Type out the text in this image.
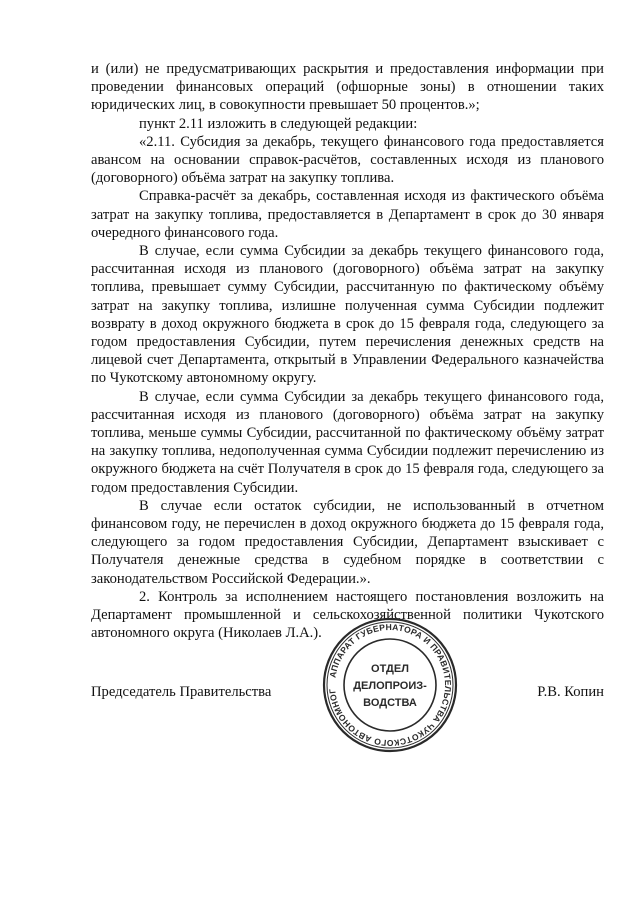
и (или) не предусматривающих раскрытия и предоставления информации при проведении финансовых операций (офшорные зоны) в отношении таких юридических лиц, в совокупности превышает 50 процентов.»;

пункт 2.11 изложить в следующей редакции:

«2.11. Субсидия за декабрь, текущего финансового года предоставляется авансом на основании справок-расчётов, составленных исходя из планового (договорного) объёма затрат на закупку топлива.

Справка-расчёт за декабрь, составленная исходя из фактического объёма затрат на закупку топлива, предоставляется в Департамент в срок до 30 января очередного финансового года.

В случае, если сумма Субсидии за декабрь текущего финансового года, рассчитанная исходя из планового (договорного) объёма затрат на закупку топлива, превышает сумму Субсидии, рассчитанную по фактическому объёму затрат на закупку топлива, излишне полученная сумма Субсидии подлежит возврату в доход окружного бюджета в срок до 15 февраля года, следующего за годом предоставления Субсидии, путем перечисления денежных средств на лицевой счет Департамента, открытый в Управлении Федерального казначейства по Чукотскому автономному округу.

В случае, если сумма Субсидии за декабрь текущего финансового года, рассчитанная исходя из планового (договорного) объёма затрат на закупку топлива, меньше суммы Субсидии, рассчитанной по фактическому объёму затрат на закупку топлива, недополученная сумма Субсидии подлежит перечислению из окружного бюджета на счёт Получателя в срок до 15 февраля года, следующего за годом предоставления Субсидии.

В случае если остаток субсидии, не использованный в отчетном финансовом году, не перечислен в доход окружного бюджета до 15 февраля года, следующего за годом предоставления Субсидии, Департамент взыскивает с Получателя денежные средства в судебном порядке в соответствии с законодательством Российской Федерации.».

2. Контроль за исполнением настоящего постановления возложить на Департамент промышленной и сельскохозяйственной политики Чукотского автономного округа (Николаев Л.А.).

АППАРАТ ГУБЕРНАТОРА И ПРАВИТЕЛЬСТВА ЧУКОТСКОГО АВТОНОМНОГ
ОТДЕЛ
ДЕЛОПРОИЗ-
ВОДСТВА
Председатель Правительства	Р.В. Копин
